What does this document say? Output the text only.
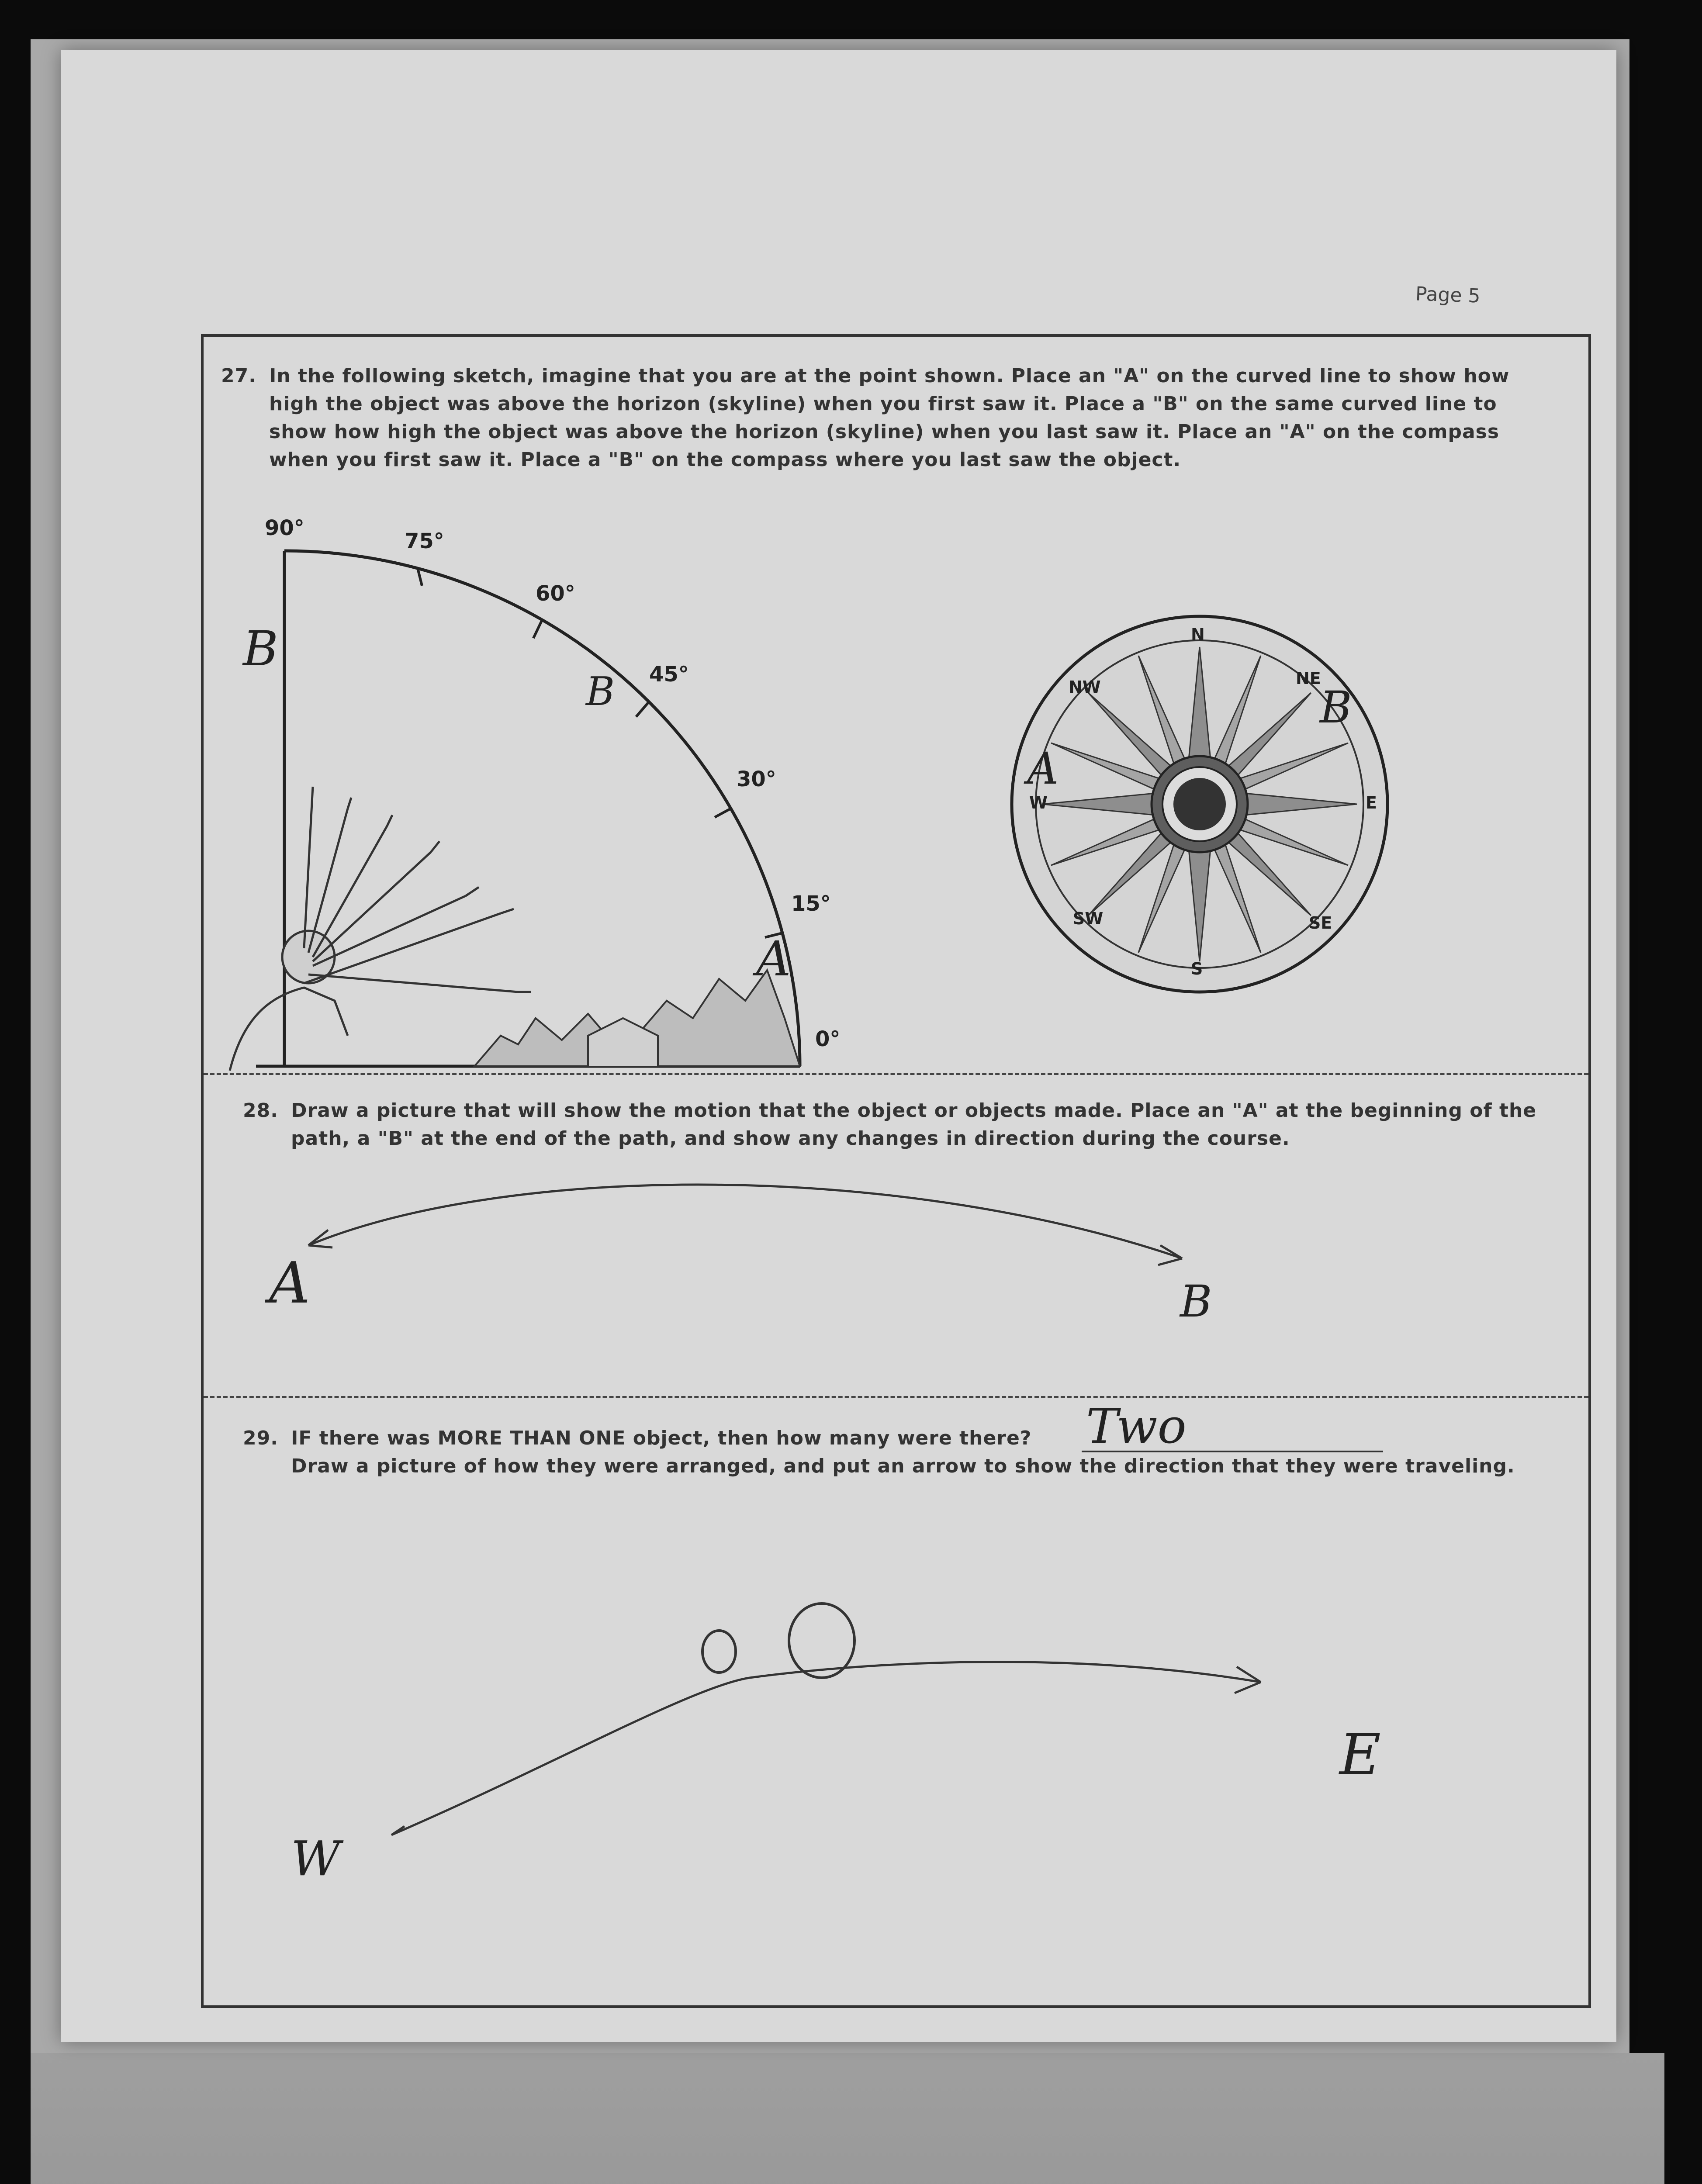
Page 5
27. In the following sketch, imagine that you are at the point shown. Place an "A" on the curved line to show how
high the object was above the horizon (skyline) when you first saw it. Place a "B" on the same curved line to
show how high the object was above the horizon (skyline) when you last saw it. Place an "A" on the compass
when you first saw it. Place a "B" on the compass where you last saw the object.
90°
75°
60°
45°
30°
15°
0°
B
B
A
N
NE
E
SE
S
SW
W
NW
A
B
28. Draw a picture that will show the motion that the object or objects made. Place an "A" at the beginning of the
path, a "B" at the end of the path, and show any changes in direction during the course.
A	B
29. IF there was MORE THAN ONE object, then how many were there?
Draw a picture of how they were arranged, and put an arrow to show the direction that they were traveling.
Two
W
E
